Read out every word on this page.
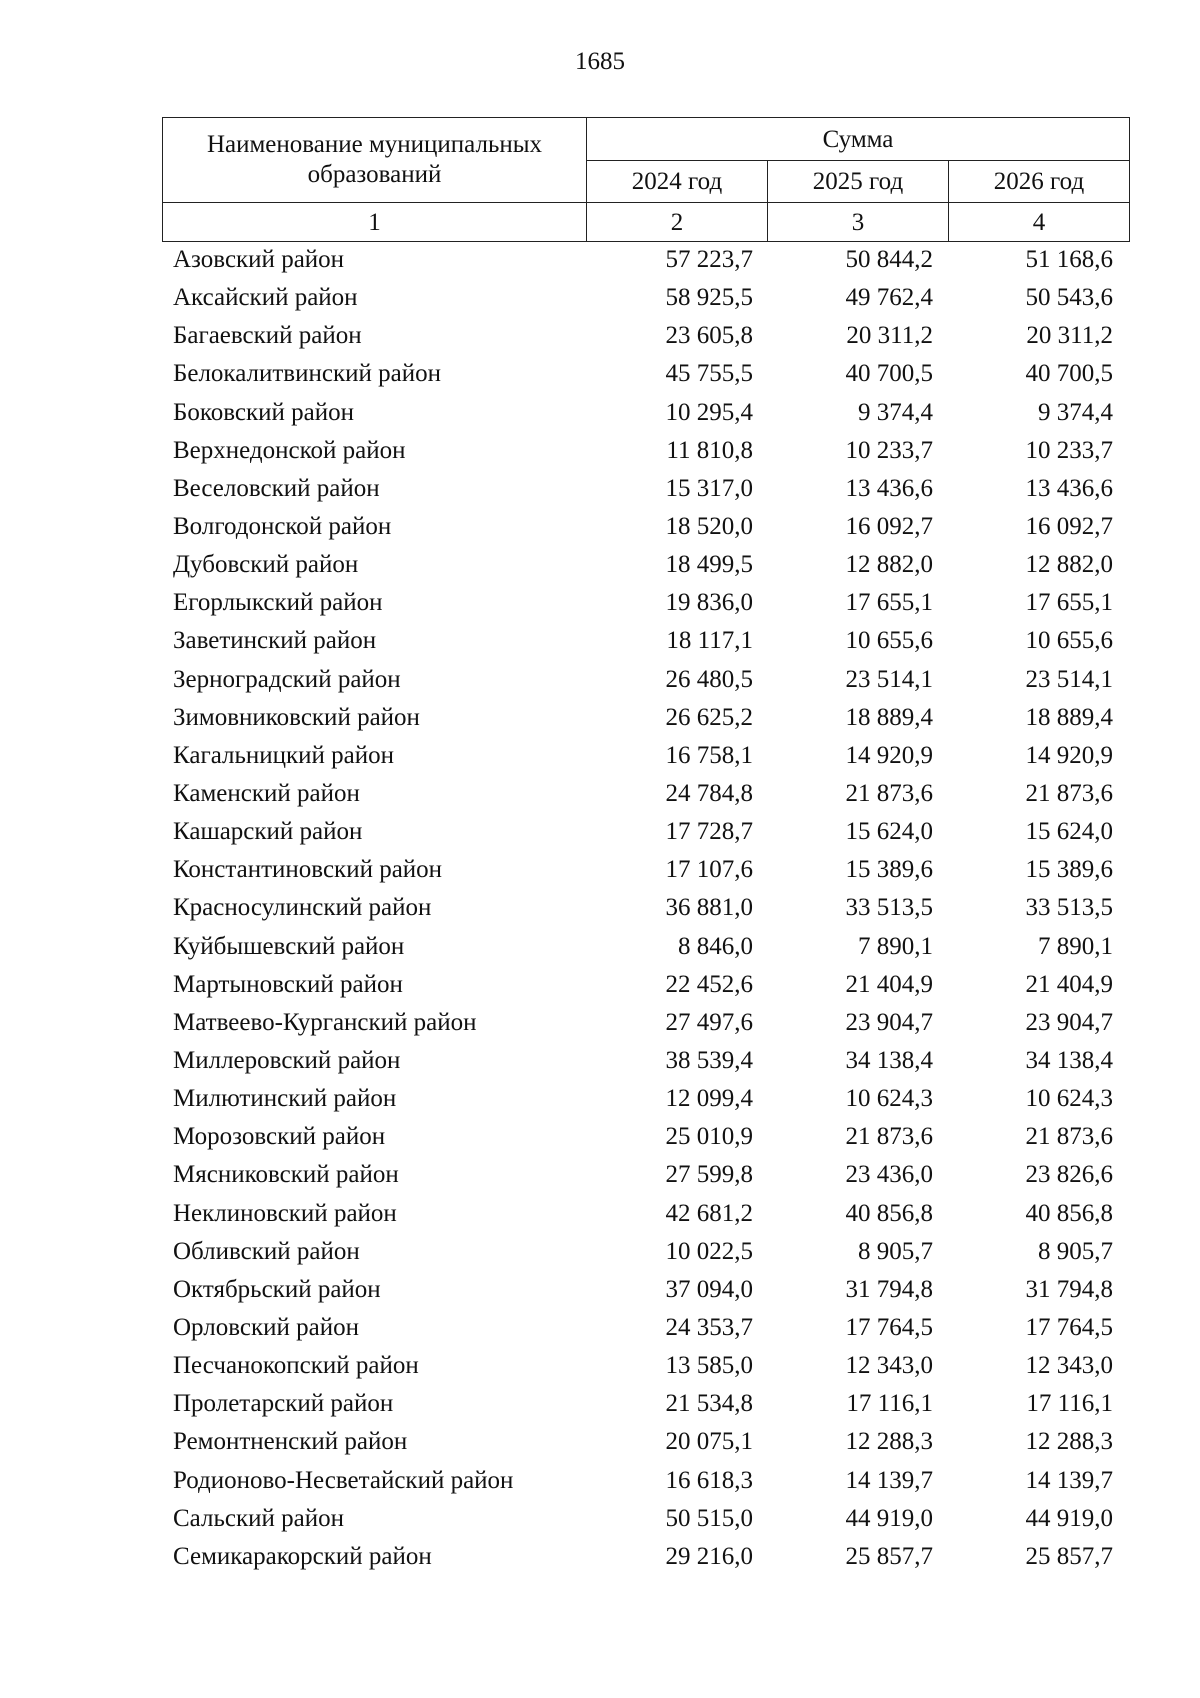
1685
Наименование муниципальных образований	Сумма		
	2024 год	2025 год	2026 год
1	2	3	4
Азовский район	57 223,7	50 844,2	51 168,6
Аксайский район	58 925,5	49 762,4	50 543,6
Багаевский район	23 605,8	20 311,2	20 311,2
Белокалитвинский район	45 755,5	40 700,5	40 700,5
Боковский район	10 295,4	9 374,4	9 374,4
Верхнедонской район	11 810,8	10 233,7	10 233,7
Веселовский район	15 317,0	13 436,6	13 436,6
Волгодонской район	18 520,0	16 092,7	16 092,7
Дубовский район	18 499,5	12 882,0	12 882,0
Егорлыкский район	19 836,0	17 655,1	17 655,1
Заветинский район	18 117,1	10 655,6	10 655,6
Зерноградский район	26 480,5	23 514,1	23 514,1
Зимовниковский район	26 625,2	18 889,4	18 889,4
Кагальницкий район	16 758,1	14 920,9	14 920,9
Каменский район	24 784,8	21 873,6	21 873,6
Кашарский район	17 728,7	15 624,0	15 624,0
Константиновский район	17 107,6	15 389,6	15 389,6
Красносулинский район	36 881,0	33 513,5	33 513,5
Куйбышевский район	8 846,0	7 890,1	7 890,1
Мартыновский район	22 452,6	21 404,9	21 404,9
Матвеево-Курганский район	27 497,6	23 904,7	23 904,7
Миллеровский район	38 539,4	34 138,4	34 138,4
Милютинский район	12 099,4	10 624,3	10 624,3
Морозовский район	25 010,9	21 873,6	21 873,6
Мясниковский район	27 599,8	23 436,0	23 826,6
Неклиновский район	42 681,2	40 856,8	40 856,8
Обливский район	10 022,5	8 905,7	8 905,7
Октябрьский район	37 094,0	31 794,8	31 794,8
Орловский район	24 353,7	17 764,5	17 764,5
Песчанокопский район	13 585,0	12 343,0	12 343,0
Пролетарский район	21 534,8	17 116,1	17 116,1
Ремонтненский район	20 075,1	12 288,3	12 288,3
Родионово-Несветайский район	16 618,3	14 139,7	14 139,7
Сальский район	50 515,0	44 919,0	44 919,0
Семикаракорский район	29 216,0	25 857,7	25 857,7
